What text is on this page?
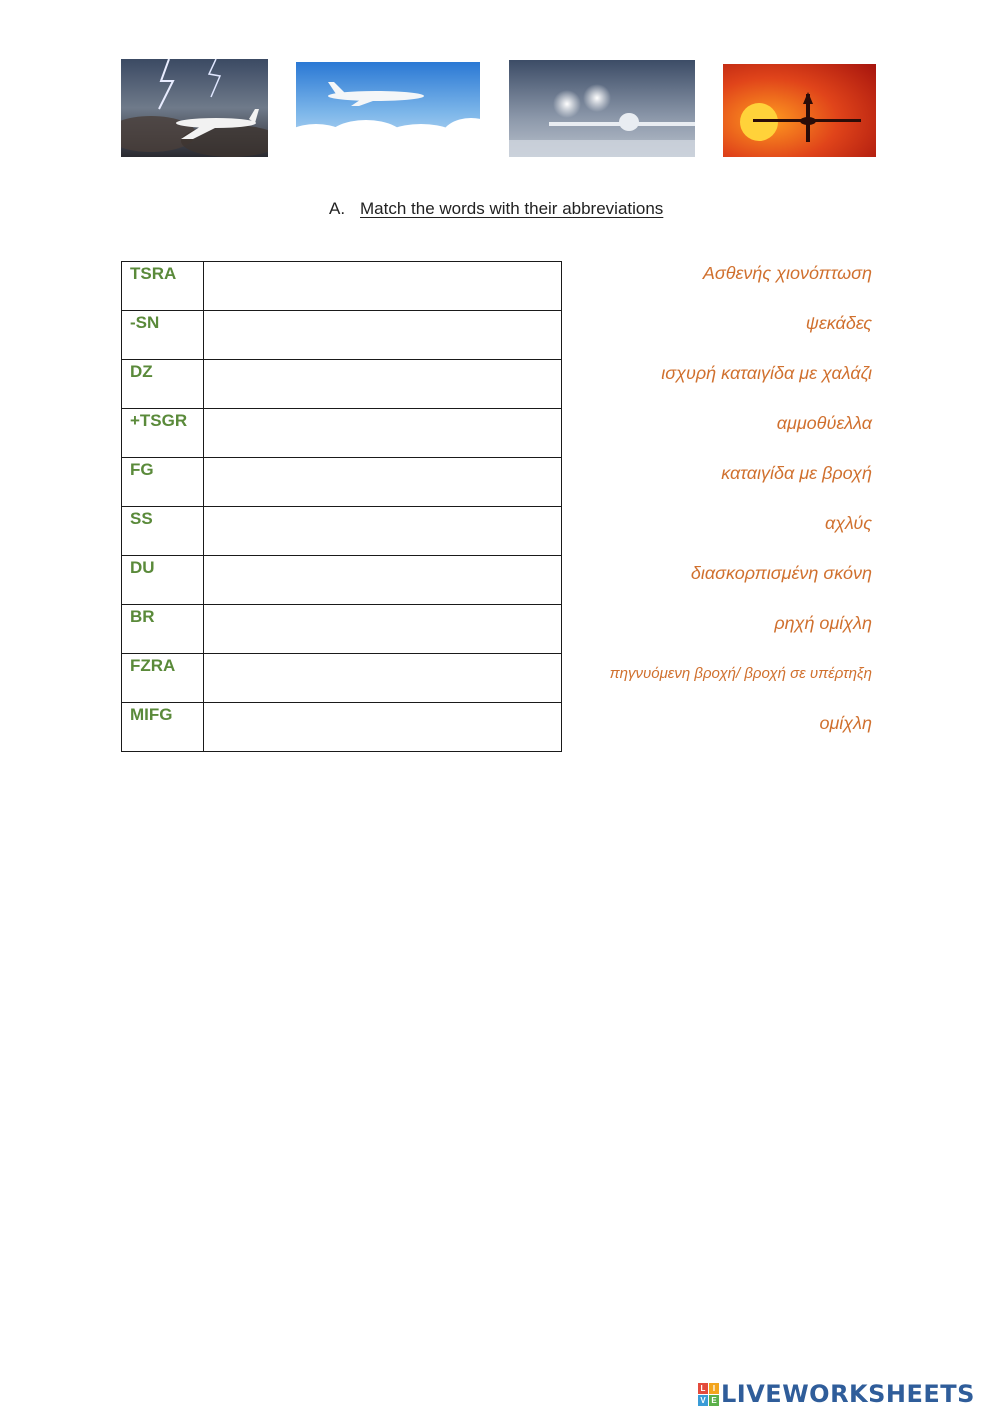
A. Match the words with their abbreviations
TSRA	
-SN	
DZ	
+TSGR	
FG	
SS	
DU	
BR	
FZRA	
MIFG	
Ασθενής χιονόπτωση
ψεκάδες
ισχυρή καταιγίδα με χαλάζι
αμμοθύελλα
καταιγίδα με βροχή
αχλύς
διασκορπισμένη σκόνη
ρηχή ομίχλη
πηγνυόμενη βροχή/ βροχή σε υπέρτηξη
ομίχλη
L I
V E LIVEWORKSHEETS
